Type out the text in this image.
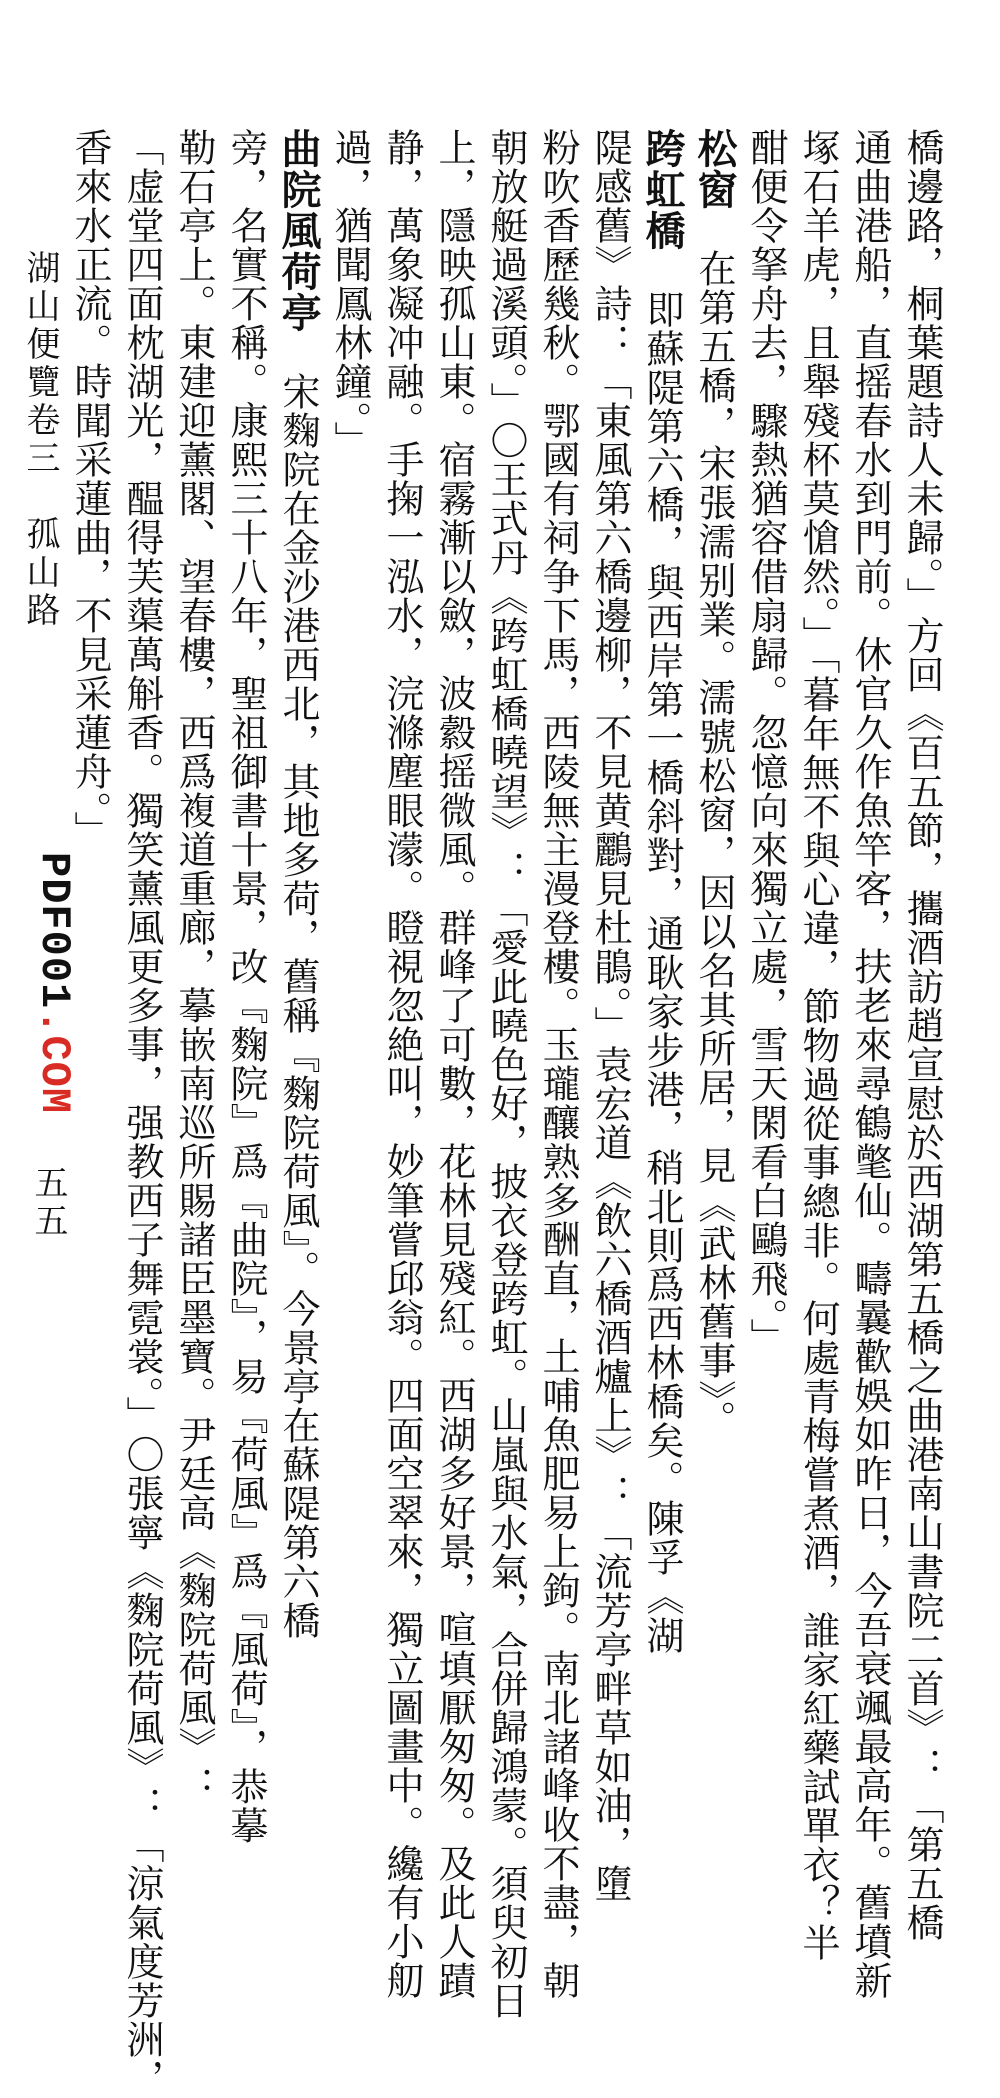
橋邊路，桐葉題詩人未歸。」方回《百五節，攜酒訪趙宣慰於西湖第五橋之曲港南山書院二首》：「第五橋
通曲港船，直摇春水到門前。休官久作魚竿客，扶老來尋鶴氅仙。疇曩歡娛如昨日，今吾衰颯最高年。舊墳新
塚石羊虎，且舉殘杯莫愴然。」「暮年無不與心違，節物過從事總非。何處青梅嘗煮酒，誰家紅藥試單衣？半
酣便令拏舟去，驟熱猶容借扇歸。忽憶向來獨立處，雪天閑看白鷗飛。」
松窗　在第五橋，宋張濡别業。濡號松窗，因以名其所居，見《武林舊事》。
跨虹橋　即蘇隄第六橋，與西岸第一橋斜對，通耿家步港，稍北則爲西林橋矣。陳孚《湖
隄感舊》詩：「東風第六橋邊柳，不見黄鸝見杜鵑。」袁宏道《飲六橋酒爐上》：「流芳亭畔草如油，墮
粉吹香歷幾秋。鄂國有祠争下馬，西陵無主漫登樓。玉瓏釀熟多酬直，土哺魚肥易上鉤。南北諸峰收不盡，朝
朝放艇過溪頭。」〇王式丹《跨虹橋曉望》：「愛此曉色好，披衣登跨虹。山嵐與水氣，合併歸鴻蒙。須臾初日
上，隱映孤山東。宿霧漸以斂，波縠摇微風。群峰了可數，花林見殘紅。西湖多好景，喧填厭匆匆。及此人蹟
静，萬象凝冲融。手掬一泓水，浣滌塵眼濛。瞪視忽絶叫，妙筆嘗邱翁。四面空翠來，獨立圖畫中。纔有小舠
過，猶聞鳳林鐘。」
曲院風荷亭　宋麴院在金沙港西北，其地多荷，舊稱『麴院荷風』。今景亭在蘇隄第六橋
旁，名實不稱。康熙三十八年，聖祖御書十景，改『麴院』爲『曲院』，易『荷風』爲『風荷』，恭摹
勒石亭上。東建迎薰閣、望春樓，西爲複道重廊，摹嵌南巡所賜諸臣墨寶。尹廷高《麴院荷風》：
「虚堂四面枕湖光，醖得芙蕖萬斛香。獨笑薰風更多事，强教西子舞霓裳。」〇張寧《麴院荷風》：「涼氣度芳洲，
香來水正流。時聞采蓮曲，不見采蓮舟。」
湖山便覽卷三　孤山路
PDF001.COM
五五
